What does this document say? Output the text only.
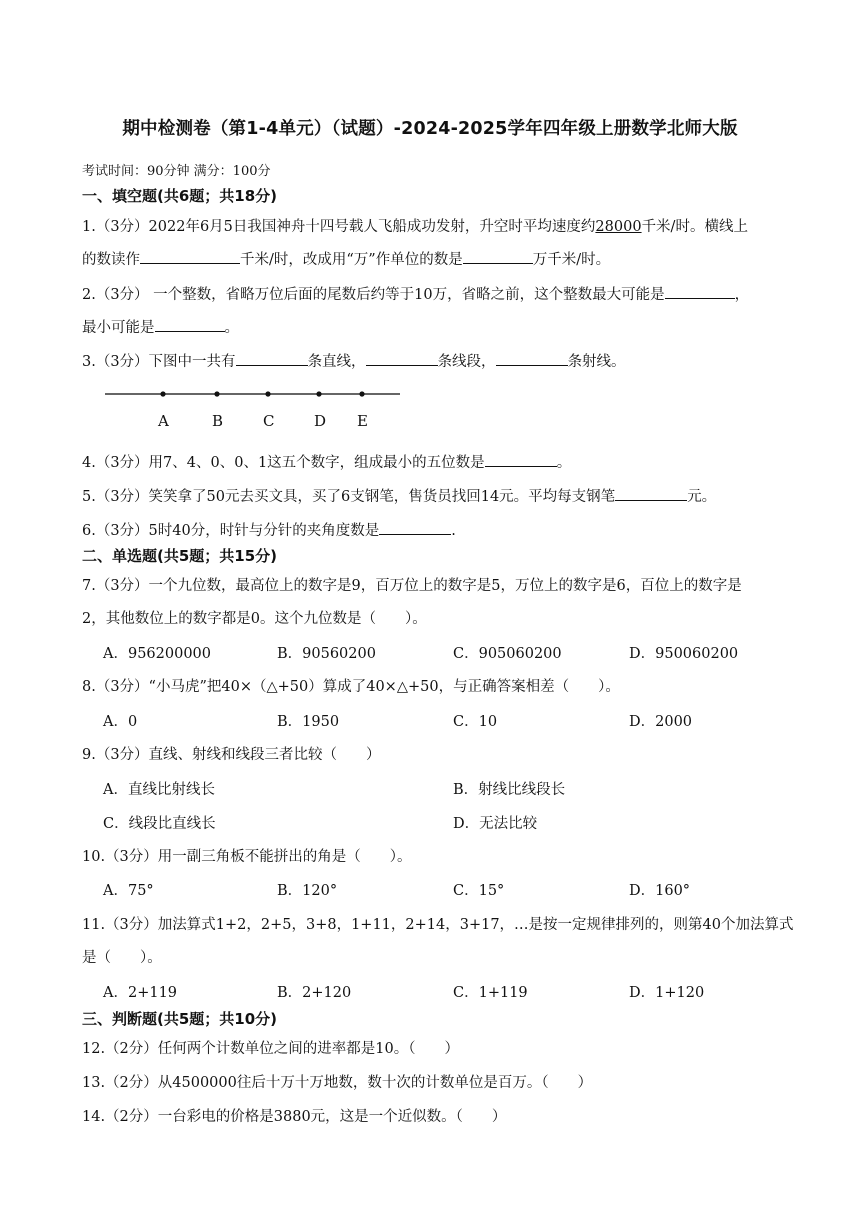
期中检测卷（第1-4单元）（试题）-2024-2025学年四年级上册数学北师大版
考试时间：90分钟 满分：100分
一、填空题(共6题；共18分)
1.（3分）2022年6月5日我国神舟十四号载人飞船成功发射，升空时平均速度约28000千米/时。横线上
的数读作	千米/时，改成用“万”作单位的数是	万千米/时。
2.（3分） 一个整数，省略万位后面的尾数后约等于10万，省略之前，这个整数最大可能是	，
最小可能是	。
3.（3分）下图中一共有	条直线，	条线段，	条射线。
A	B	C	D E
4.（3分）用7、4、0、0、1这五个数字，组成最小的五位数是	。
5.（3分）笑笑拿了50元去买文具，买了6支钢笔，售货员找回14元。平均每支钢笔	元。
6.（3分）5时40分，时针与分针的夹角度数是	.
二、单选题(共5题；共15分)
7.（3分）一个九位数，最高位上的数字是9，百万位上的数字是5，万位上的数字是6，百位上的数字是
2，其他数位上的数字都是0。这个九位数是（　　）。
A．956200000	B．90560200	C．905060200	D．950060200
8.（3分）“小马虎”把40×（△+50）算成了40×△+50，与正确答案相差（　　）。
A．0	B．1950	C．10	D．2000
9.（3分）直线、射线和线段三者比较（　　）
A．直线比射线长	B．射线比线段长
C．线段比直线长	D．无法比较
10.（3分）用一副三角板不能拼出的角是（　　）。
A．75°	B．120°	C．15°	D．160°
11.（3分）加法算式1+2，2+5，3+8，1+11，2+14，3+17，…是按一定规律排列的，则第40个加法算式
是（　　）。
A．2+119	B．2+120	C．1+119	D．1+120
三、判断题(共5题；共10分)
12.（2分）任何两个计数单位之间的进率都是10。（　　）
13.（2分）从4500000往后十万十万地数，数十次的计数单位是百万。（　　）
14.（2分）一台彩电的价格是3880元，这是一个近似数。（　　）
